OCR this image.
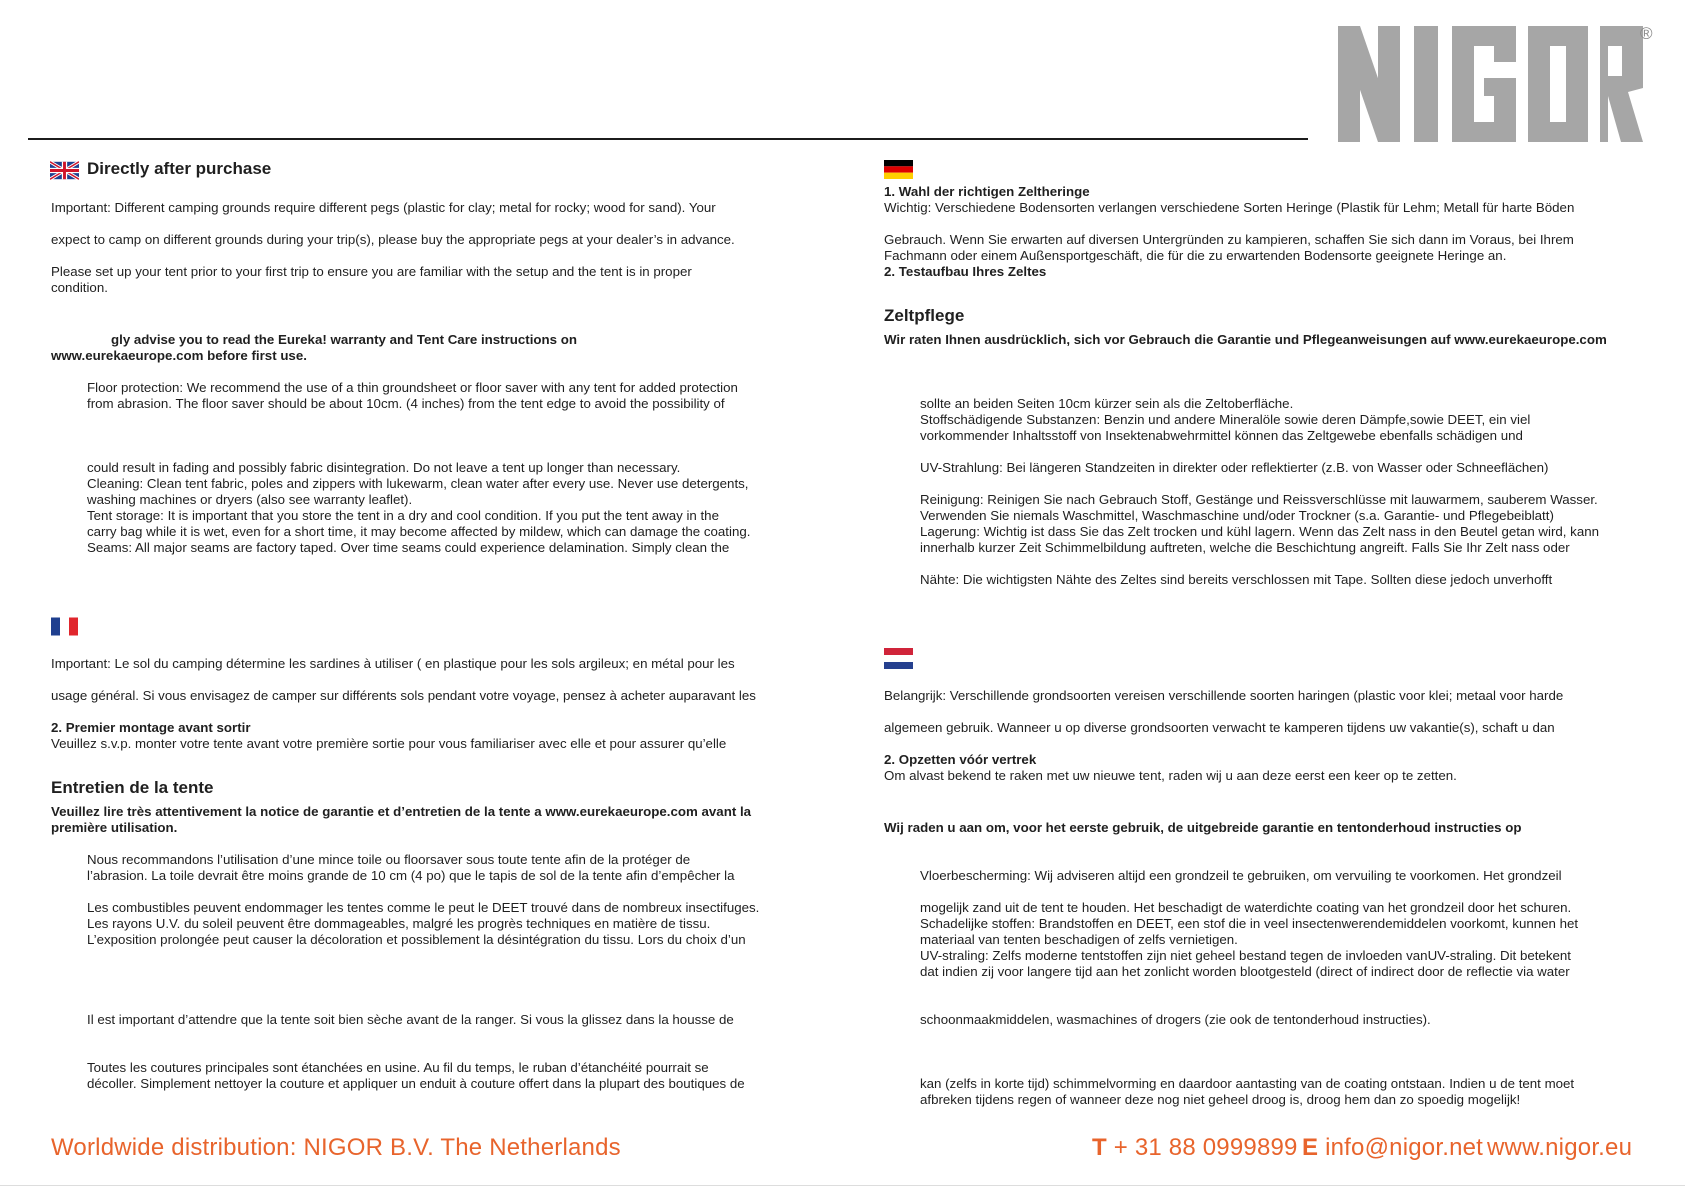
®
Directly after purchase
Important: Different camping grounds require different pegs (plastic for clay; metal for rocky; wood for sand). Your
expect to camp on different grounds during your trip(s), please buy the appropriate pegs at your dealer’s in advance.
Please set up your tent prior to your first trip to ensure you are familiar with the setup and the tent is in proper
condition.
gly advise you to read the Eureka! warranty and Tent Care instructions on
www.eurekaeurope.com before first use.
Floor protection: We recommend the use of a thin groundsheet or floor saver with any tent for added protection
from abrasion. The floor saver should be about 10cm. (4 inches) from the tent edge to avoid the possibility of
could result in fading and possibly fabric disintegration. Do not leave a tent up longer than necessary.
Cleaning: Clean tent fabric, poles and zippers with lukewarm, clean water after every use. Never use detergents,
washing machines or dryers (also see warranty leaflet).
Tent storage: It is important that you store the tent in a dry and cool condition. If you put the tent away in the
carry bag while it is wet, even for a short time, it may become affected by mildew, which can damage the coating.
Seams: All major seams are factory taped. Over time seams could experience delamination. Simply clean the
Important: Le sol du camping détermine les sardines à utiliser ( en plastique pour les sols argileux; en métal pour les
usage général. Si vous envisagez de camper sur différents sols pendant votre voyage, pensez à acheter auparavant les
2. Premier montage avant sortir
Veuillez s.v.p. monter votre tente avant votre première sortie pour vous familiariser avec elle et pour assurer qu’elle
Entretien de la tente
Veuillez lire très attentivement la notice de garantie et d’entretien de la tente a www.eurekaeurope.com avant la
première utilisation.
Nous recommandons l’utilisation d’une mince toile ou floorsaver sous toute tente afin de la protéger de
l’abrasion. La toile devrait être moins grande de 10 cm (4 po) que le tapis de sol de la tente afin d’empêcher la
Les combustibles peuvent endommager les tentes comme le peut le DEET trouvé dans de nombreux insectifuges.
Les rayons U.V. du soleil peuvent être dommageables, malgré les progrès techniques en matière de tissu.
L’exposition prolongée peut causer la décoloration et possiblement la désintégration du tissu. Lors du choix d’un
Il est important d’attendre que la tente soit bien sèche avant de la ranger. Si vous la glissez dans la housse de
Toutes les coutures principales sont étanchées en usine. Au fil du temps, le ruban d’étanchéité pourrait se
décoller. Simplement nettoyer la couture et appliquer un enduit à couture offert dans la plupart des boutiques de
1. Wahl der richtigen Zeltheringe
Wichtig: Verschiedene Bodensorten verlangen verschiedene Sorten Heringe (Plastik für Lehm; Metall für harte Böden
Gebrauch. Wenn Sie erwarten auf diversen Untergründen zu kampieren, schaffen Sie sich dann im Voraus, bei Ihrem
Fachmann oder einem Außensportgeschäft, die für die zu erwartenden Bodensorte geeignete Heringe an.
2. Testaufbau Ihres Zeltes
Zeltpflege
Wir raten Ihnen ausdrücklich, sich vor Gebrauch die Garantie und Pflegeanweisungen auf www.eurekaeurope.com
sollte an beiden Seiten 10cm kürzer sein als die Zeltoberfläche.
Stoffschädigende Substanzen: Benzin und andere Mineralöle sowie deren Dämpfe,sowie DEET, ein viel
vorkommender Inhaltsstoff von Insektenabwehrmittel können das Zeltgewebe ebenfalls schädigen und
UV-Strahlung: Bei längeren Standzeiten in direkter oder reflektierter (z.B. von Wasser oder Schneeflächen)
Reinigung: Reinigen Sie nach Gebrauch Stoff, Gestänge und Reissverschlüsse mit lauwarmem, sauberem Wasser.
Verwenden Sie niemals Waschmittel, Waschmaschine und/oder Trockner (s.a. Garantie- und Pflegebeiblatt)
Lagerung: Wichtig ist dass Sie das Zelt trocken und kühl lagern. Wenn das Zelt nass in den Beutel getan wird, kann
innerhalb kurzer Zeit Schimmelbildung auftreten, welche die Beschichtung angreift. Falls Sie Ihr Zelt nass oder
Nähte: Die wichtigsten Nähte des Zeltes sind bereits verschlossen mit Tape. Sollten diese jedoch unverhofft
Belangrijk: Verschillende grondsoorten vereisen verschillende soorten haringen (plastic voor klei; metaal voor harde
algemeen gebruik. Wanneer u op diverse grondsoorten verwacht te kamperen tijdens uw vakantie(s), schaft u dan
2. Opzetten vóór vertrek
Om alvast bekend te raken met uw nieuwe tent, raden wij u aan deze eerst een keer op te zetten.
Wij raden u aan om, voor het eerste gebruik, de uitgebreide garantie en tentonderhoud instructies op
Vloerbescherming: Wij adviseren altijd een grondzeil te gebruiken, om vervuiling te voorkomen. Het grondzeil
mogelijk zand uit de tent te houden. Het beschadigt de waterdichte coating van het grondzeil door het schuren.
Schadelijke stoffen: Brandstoffen en DEET, een stof die in veel insectenwerendemiddelen voorkomt, kunnen het
materiaal van tenten beschadigen of zelfs vernietigen.
UV-straling: Zelfs moderne tentstoffen zijn niet geheel bestand tegen de invloeden vanUV-straling. Dit betekent
dat indien zij voor langere tijd aan het zonlicht worden blootgesteld (direct of indirect door de reflectie via water
schoonmaakmiddelen, wasmachines of drogers (zie ook de tentonderhoud instructies).
kan (zelfs in korte tijd) schimmelvorming en daardoor aantasting van de coating ontstaan. Indien u de tent moet
afbreken tijdens regen of wanneer deze nog niet geheel droog is, droog hem dan zo spoedig mogelijk!
Worldwide distribution: NIGOR B.V. The Netherlands	T + 31 88 0999899 E info@nigor.net www.nigor.eu
